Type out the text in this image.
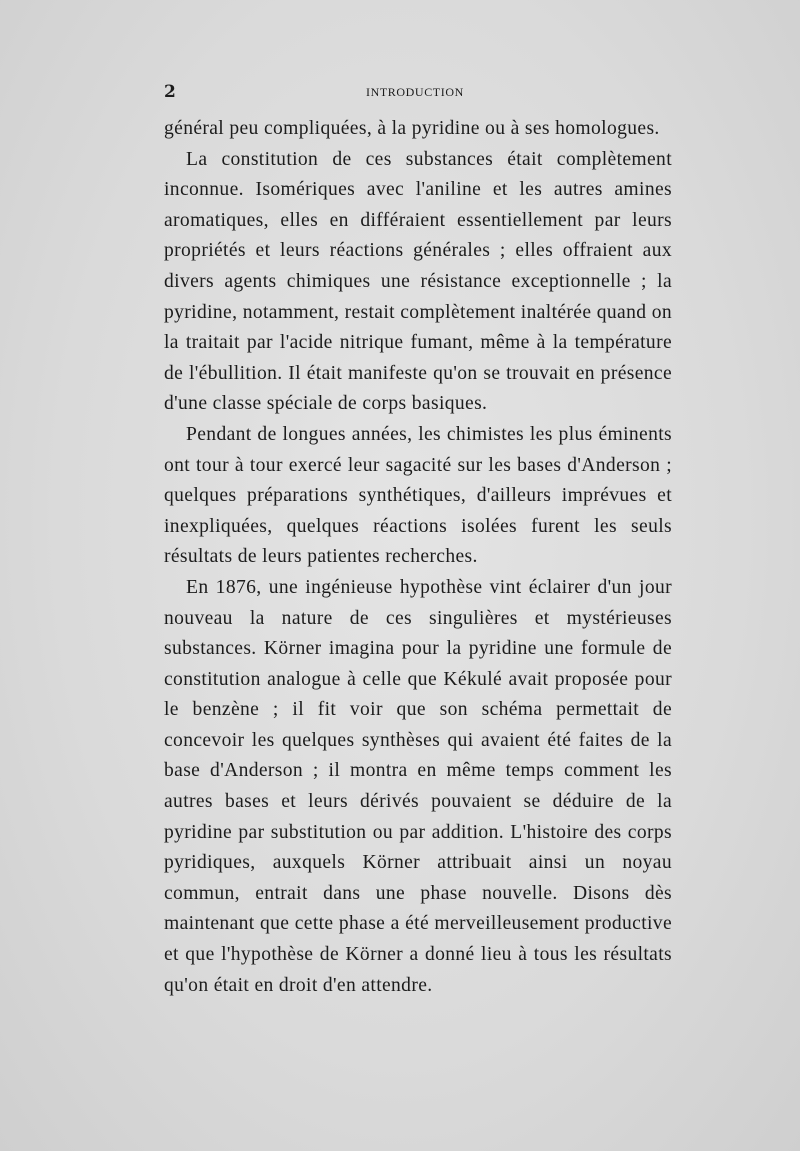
2	INTRODUCTION

général peu compliquées, à la pyridine ou à ses homologues.

La constitution de ces substances était complètement inconnue. Isomériques avec l'aniline et les autres amines aromatiques, elles en différaient essentiellement par leurs propriétés et leurs réactions générales ; elles offraient aux divers agents chimiques une résistance exceptionnelle ; la pyridine, notamment, restait complètement inaltérée quand on la traitait par l'acide nitrique fumant, même à la température de l'ébullition. Il était manifeste qu'on se trouvait en présence d'une classe spéciale de corps basiques.

Pendant de longues années, les chimistes les plus éminents ont tour à tour exercé leur sagacité sur les bases d'Anderson ; quelques préparations synthétiques, d'ailleurs imprévues et inexpliquées, quelques réactions isolées furent les seuls résultats de leurs patientes recherches.

En 1876, une ingénieuse hypothèse vint éclairer d'un jour nouveau la nature de ces singulières et mystérieuses substances. Körner imagina pour la pyridine une formule de constitution analogue à celle que Kékulé avait proposée pour le benzène ; il fit voir que son schéma permettait de concevoir les quelques synthèses qui avaient été faites de la base d'Anderson ; il montra en même temps comment les autres bases et leurs dérivés pouvaient se déduire de la pyridine par substitution ou par addition. L'histoire des corps pyridiques, auxquels Körner attribuait ainsi un noyau commun, entrait dans une phase nouvelle. Disons dès maintenant que cette phase a été merveilleusement productive et que l'hypothèse de Körner a donné lieu à tous les résultats qu'on était en droit d'en attendre.
